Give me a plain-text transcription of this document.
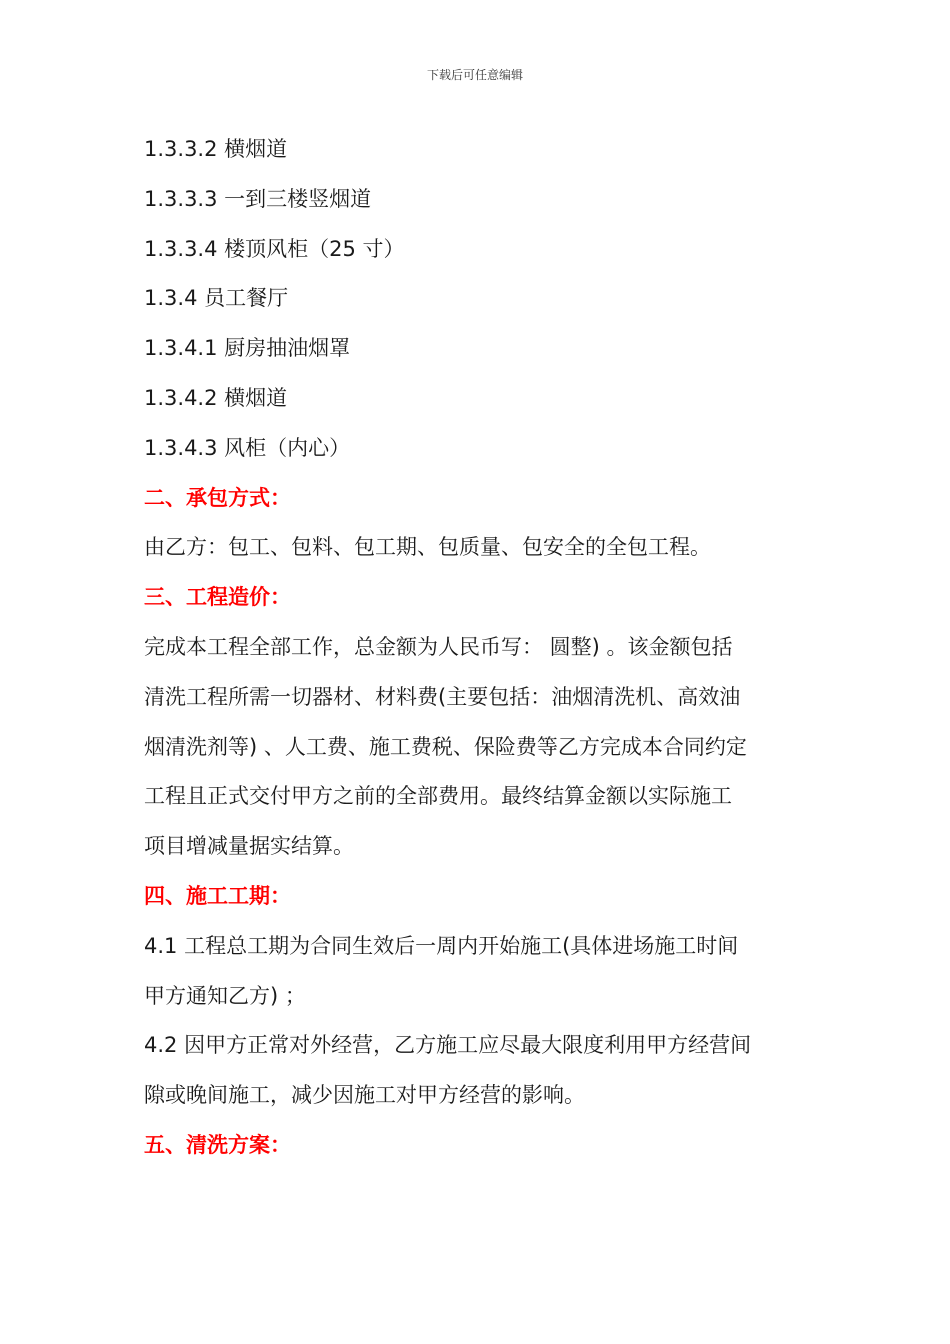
下载后可任意编辑
1.3.3.2 横烟道
1.3.3.3 一到三楼竖烟道
1.3.3.4 楼顶风柜（25 寸）
1.3.4 员工餐厅
1.3.4.1 厨房抽油烟罩
1.3.4.2 横烟道
1.3.4.3 风柜（内心）
二、承包方式：
由乙方：包工、包料、包工期、包质量、包安全的全包工程。
三、工程造价：
完成本工程全部工作，总金额为人民币写： 圆整) 。该金额包括
清洗工程所需一切器材、材料费(主要包括：油烟清洗机、高效油
烟清洗剂等) 、人工费、施工费税、保险费等乙方完成本合同约定
工程且正式交付甲方之前的全部费用。最终结算金额以实际施工
项目增减量据实结算。
四、施工工期：
4.1 工程总工期为合同生效后一周内开始施工(具体进场施工时间
甲方通知乙方) ；
4.2 因甲方正常对外经营，乙方施工应尽最大限度利用甲方经营间
隙或晚间施工，减少因施工对甲方经营的影响。
五、清洗方案：
